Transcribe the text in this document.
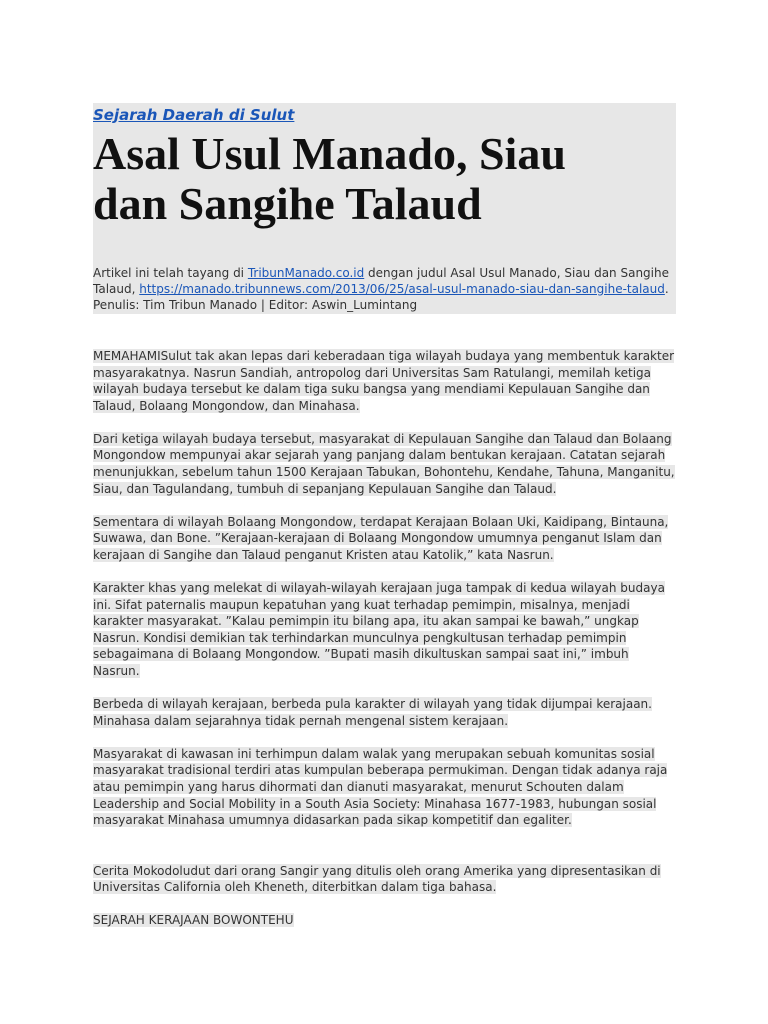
Sejarah Daerah di Sulut
Asal Usul Manado, Siau
dan Sangihe Talaud
Artikel ini telah tayang di TribunManado.co.id dengan judul Asal Usul Manado, Siau dan Sangihe Talaud, https://manado.tribunnews.com/2013/06/25/asal-usul-manado-siau-dan-sangihe-talaud.
Penulis: Tim Tribun Manado | Editor: Aswin_Lumintang

MEMAHAMISulut tak akan lepas dari keberadaan tiga wilayah budaya yang membentuk karakter masyarakatnya. Nasrun Sandiah, antropolog dari Universitas Sam Ratulangi, memilah ketiga wilayah budaya tersebut ke dalam tiga suku bangsa yang mendiami Kepulauan Sangihe dan Talaud, Bolaang Mongondow, dan Minahasa.

Dari ketiga wilayah budaya tersebut, masyarakat di Kepulauan Sangihe dan Talaud dan Bolaang Mongondow mempunyai akar sejarah yang panjang dalam bentukan kerajaan. Catatan sejarah menunjukkan, sebelum tahun 1500 Kerajaan Tabukan, Bohontehu, Kendahe, Tahuna, Manganitu, Siau, dan Tagulandang, tumbuh di sepanjang Kepulauan Sangihe dan Talaud.

Sementara di wilayah Bolaang Mongondow, terdapat Kerajaan Bolaan Uki, Kaidipang, Bintauna, Suwawa, dan Bone. ”Kerajaan-kerajaan di Bolaang Mongondow umumnya penganut Islam dan kerajaan di Sangihe dan Talaud penganut Kristen atau Katolik,” kata Nasrun.

Karakter khas yang melekat di wilayah-wilayah kerajaan juga tampak di kedua wilayah budaya ini. Sifat paternalis maupun kepatuhan yang kuat terhadap pemimpin, misalnya, menjadi karakter masyarakat. ”Kalau pemimpin itu bilang apa, itu akan sampai ke bawah,” ungkap Nasrun. Kondisi demikian tak terhindarkan munculnya pengkultusan terhadap pemimpin sebagaimana di Bolaang Mongondow. ”Bupati masih dikultuskan sampai saat ini,” imbuh Nasrun.

Berbeda di wilayah kerajaan, berbeda pula karakter di wilayah yang tidak dijumpai kerajaan. Minahasa dalam sejarahnya tidak pernah mengenal sistem kerajaan.

Masyarakat di kawasan ini terhimpun dalam walak yang merupakan sebuah komunitas sosial masyarakat tradisional terdiri atas kumpulan beberapa permukiman. Dengan tidak adanya raja atau pemimpin yang harus dihormati dan dianuti masyarakat, menurut Schouten dalam Leadership and Social Mobility in a South Asia Society: Minahasa 1677-1983, hubungan sosial masyarakat Minahasa umumnya didasarkan pada sikap kompetitif dan egaliter.

Cerita Mokodoludut dari orang Sangir yang ditulis oleh orang Amerika yang dipresentasikan di Universitas California oleh Kheneth, diterbitkan dalam tiga bahasa.

SEJARAH KERAJAAN BOWONTEHU
